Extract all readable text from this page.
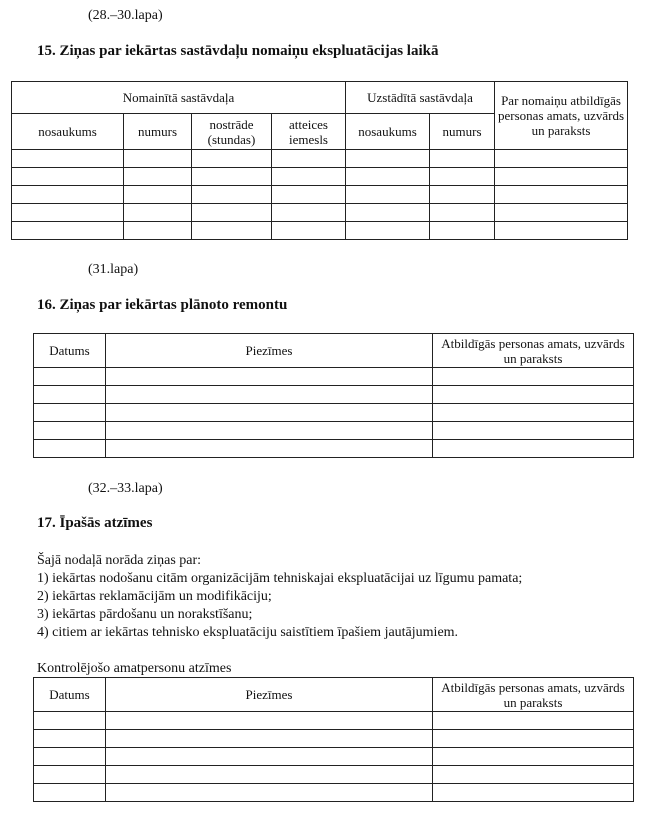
(28.–30.lapa)
15. Ziņas par iekārtas sastāvdaļu nomaiņu ekspluatācijas laikā
Nomainītā sastāvdaļa				Uzstādītā sastāvdaļa		Par nomaiņu atbildīgās personas amats, uzvārds un paraksts
nosaukums	numurs	nostrāde (stundas)	atteices iemesls	nosaukums	numurs	

(31.lapa)
16. Ziņas par iekārtas plānoto remontu
Datums	Piezīmes	Atbildīgās personas amats, uzvārds un paraksts

(32.–33.lapa)
17. Īpašās atzīmes
Šajā nodaļā norāda ziņas par:
1) iekārtas nodošanu citām organizācijām tehniskajai ekspluatācijai uz līgumu pamata;
2) iekārtas reklamācijām un modifikāciju;
3) iekārtas pārdošanu un norakstīšanu;
4) citiem ar iekārtas tehnisko ekspluatāciju saistītiem īpašiem jautājumiem.
Kontrolējošo amatpersonu atzīmes
Datums	Piezīmes	Atbildīgās personas amats, uzvārds un paraksts
